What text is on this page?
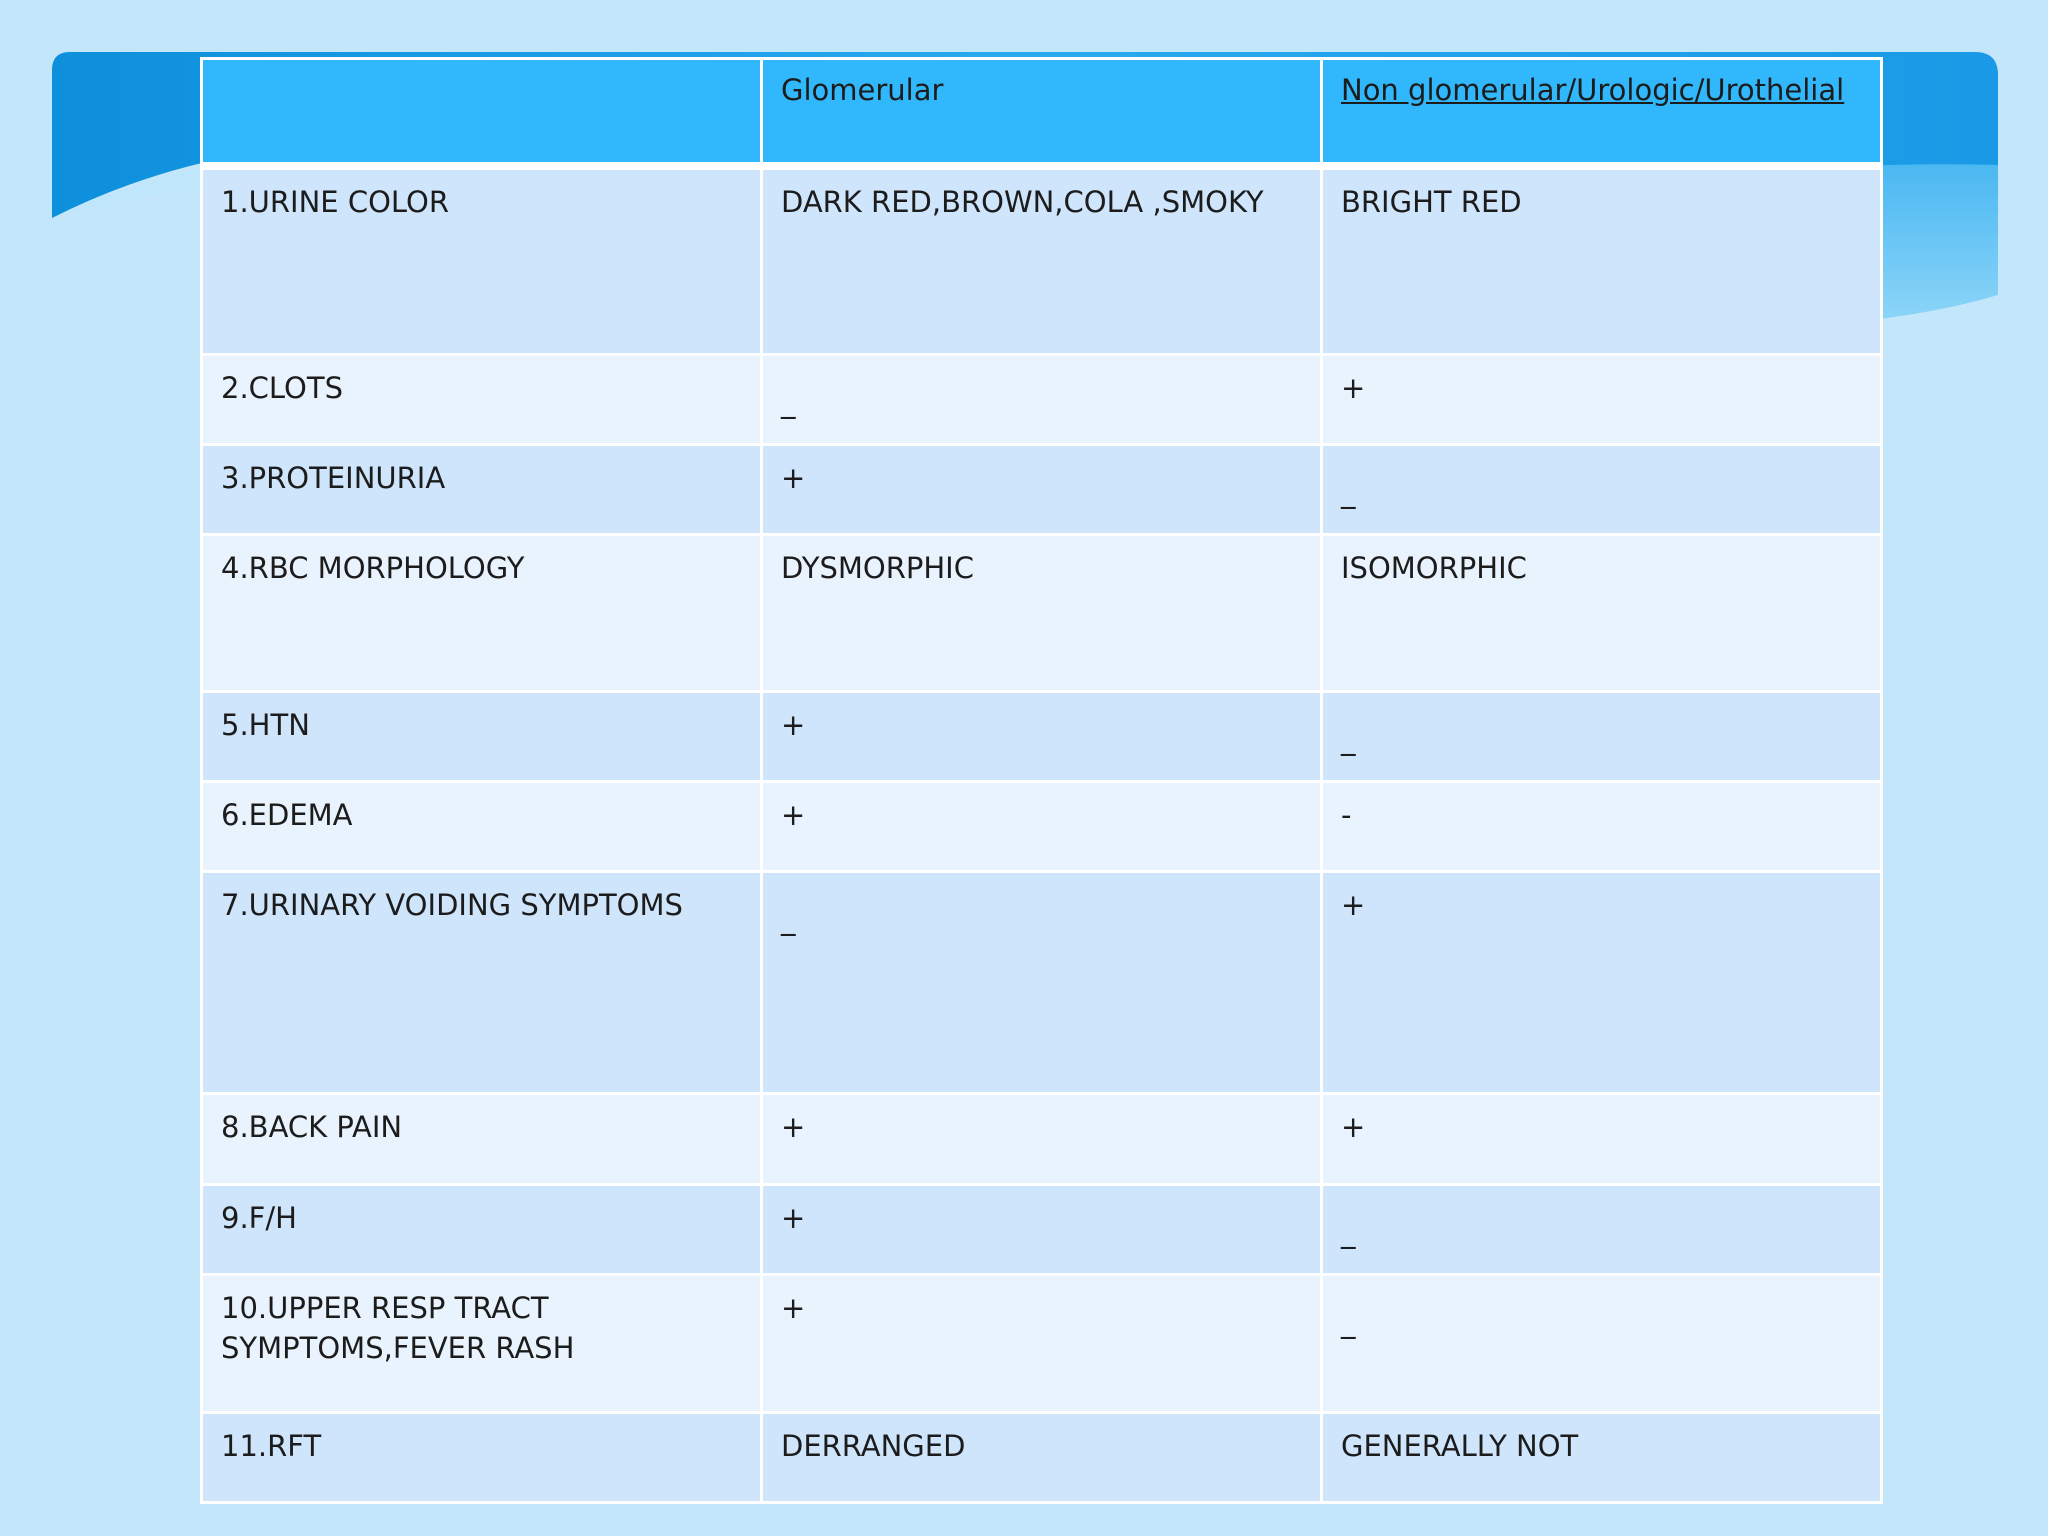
	Glomerular	Non glomerular/Urologic/Urothelial
1.URINE COLOR	DARK RED,BROWN,COLA ,SMOKY	BRIGHT RED
2.CLOTS	_	+
3.PROTEINURIA	+	_
4.RBC MORPHOLOGY	DYSMORPHIC	ISOMORPHIC
5.HTN	+	_
6.EDEMA	+	-
7.URINARY VOIDING SYMPTOMS	_	+
8.BACK PAIN	+	+
9.F/H	+	_
10.UPPER RESP TRACT SYMPTOMS,FEVER RASH	+	_
11.RFT	DERRANGED	GENERALLY NOT
